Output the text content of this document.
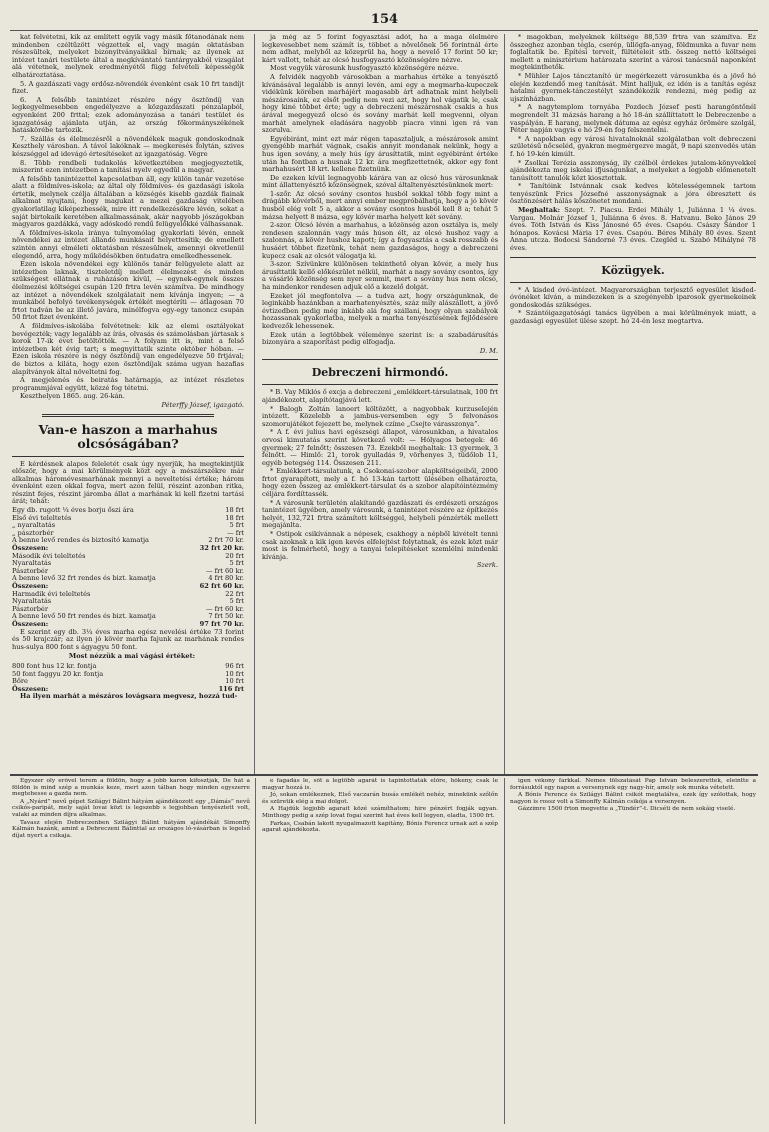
154

kat felvétetni, kik az említett egyik vagy másik főtanodának nem mindenben czéltűzött végzettek el, vagy magán oktatásban részesültek, melyeket bizonyítványaikkal bírnak; az ilyenek az intézet tanári testülete által a megkívántató tantárgyakból vizsgálat alá vétetnek, melynek eredményétől függ felvételi képességök elhatároztatása.

5. A gazdászati vagy erdősz-növendék évenként csak 10 frt tandíjt fizet.

6. A felsőbb tanintézet részére négy ösztöndíj van legkegyelmesebben engedélyezve a közgazdászati pénzalapból, egyenként 200 frttal; ezek adományozása a tanári testület és igazgatóság ajánlata utján, az ország főkormányszékének hatáskörébe tartozik.

7. Szállás és élelmezésről a növendékek maguk gondoskodnak Keszthely városban. A távol lakóknak — megkeresés folytán, szives készséggel ad idevágó értesítéseket az igazgatóság. Végre

8. Több rendbeli tudakolás következtében megjegyeztetik, miszerint ezen intézetben a tanítási nyelv egyedül a magyar.

A felsőbb tanintézettel kapcsolatban áll, egy külön tanár vezetése alatt a földmíves-iskola; az által oly földmíves- és gazdasági iskola értetik, melynek czélja általában a községés kisebb gazdák fiainak alkalmat nyujtani, hogy magukat a mezei gazdaság vitelében gyakorlatilag kiképezhessék, mire itt rendelkezésökre lévén, sokat a saját birtokaik keretében alkalmassának, akár nagyobb jószágokban magyaros gazdákká, vagy adóskodó rendű felügyelőkké válhassanak.

A földmíves-iskola iránya tulnyomólag gyakorlati lévén, ennek növendékei az intézet állandó munkásait helyettesítik; de emellett szintén annyi elméleti oktatásban részesülnek, amennyi okvetlenül elegendő, arra, hogy működésökben öntudatra emelkedhessenek.

Ezen iskola növendékei egy különös tanár felügyelete alatt az intézetben laknak, tiszteletdíj mellett élelmezést és minden szükségest ellátnak a ruházáson kívül, — egynek-egynek összes élelmezési költségei csupán 120 frtra levén számítva. De mindhogy az intézet a növendékek szolgálatait nem kívánja ingyen; — a munkából befolyó tevékenységek értékét megtéríti — átlagosan 70 frtot tudván be az illető javára, minélfogva egy-egy tanoncz csupán 50 frtot fizet évenként.

A földmíves-iskolába felvétetnek: kik az elemi osztályokat bevégezték; vagy legalább az írás, olvasás és számolásban jártasak s korok 17-ik évet betöltötték. — A folyam itt is, mint a felső intézetben két évig tart; s megnyittatik szinte október hóban. — Ezen iskola részére is négy ösztöndíj van engedélyezve 50 frtjával; de biztos a kiláta, hogy ezen ösztöndíjak száma ugyan hazafias alapítványok által növeltetni fog.

A megjelenés és beiratás határnapja, az intézet részletes programmjával együtt, közzé fog tétetni.

Keszthelyen 1865. aug. 26-kán.

Péterffy József, igazgató.

Van-e haszon a marhahus olcsóságában?

E kérdésnek alapos feleletét csak úgy nyerjük, ha megtekintjük először, hogy a mai körülmények közt egy a mészárszékre már alkalmas háromévesmarhának mennyi a neveltetési értéke; három évenként ezen okkal fogva, mert azon felül, részint azonban ritka, részint fejes, részint járomba állat a marhának ki kell fizetni tartási árát; tehát:

Egy db. rugott ¼ éves borju őszi ára	18 frt
Első évi teleltetés	18 frt
„ nyaraltatás	5 frt
„ pásztorbér	— frt
A benne levő rendes és biztosító kamatja	2 frt 70 kr.
Összesen:	32 frt 20 kr.
Második évi teleltetés	20 frt
Nyaraltatás	5 frt
Pásztorbér	— frt 60 kr.
A benne levő 32 frt rendes és bizt. kamatja	4 frt 80 kr.
Összesen:	62 frt 60 kr.
Harmadik évi teleltetés	22 frt
Nyaraltatás	5 frt
Pásztorbér	— frt 60 kr.
A benne levő 50 frt rendes és bizt. kamatja	7 frt 50 kr.
Összesen:	97 frt 70 kr.

E szerint egy db. 3¼ éves marha egész nevelési értéke 73 forint és 50 krajczár; az ilyen jó kövér marha fajunk az marhának rendes hus-sulya 800 font s ágyagyu 50 font.

Most nézzük a mai vágási értéket:

800 font hus 12 kr. fontja	96 frt
50 font faggyu 20 kr. fontja	10 frt
Bőre	10 frt
Összesen:	116 frt

Ha ilyen marhát a mészáros lovágsara megvesz, hozzá tud-

ja még az 5 forint fogyasztási adót, ha a maga élelmére legkevesebbet nem számít is, többet a növelőnek 56 forintnál érte nem adhat, melyből az közeprül ha, hogy a nevelő 17 forint 50 kr; kárt vallott, tehát az olcsó husfogyasztó közönségére nézve.

Most vegyük városunk husfogyasztó közönségére nézve.

A felvidék nagyobb városokban a marhahus értéke a tenyésztő kívánásával legalább is annyi levén, ami egy a megmarha-kupeczek vidékünk körében marhájért magasabb árt adhatnak mint helybeli mészárosaink, ez elsőt pedig nem vezi azt, hogy hol vágatik le, csak hogy kiné többet érte; ugy a debreczeni mészárosnak csakis a hus árával megegyező olcsó és sovány marhát kell megvenni, olyan marhát amelynek eladására nagyobb piacra vinni igen rá van szorulva.

Egyébiránt, mint ezt már régen tapasztaljuk, a mészárosok amint gyengébb marhát vágnak, csakis annyit mondanak nekünk, hogy a hus igen sovány, a mely hús így árusíttatik, mint egyébiránt értéke után ha fontban a husnak 12 kr. ára megfizettetnék, akkor egy font marhahusért 18 krt. kellene fizetnünk.

De ezeken kívül legnagyobb kárára van az olcsó hus városunknak mint állattenyésztő közönségnek, szóval általtenyésztésünknek mert:

1-szőr. Az olcsó sovány csontos husból sokkal több fogy mint a drágább kövérből, mert annyi ember megpróbálhatja, hogy a jó kövér husból elég volt 5 a, akkor a sovány csontos husból kell 8 a; tehát 5 mázsa helyett 8 mázsa, egy kövér marha helyett két sovány.

2-szor. Olcsó lévén a marhahus, a közönség azon osztálya is, mely rendesen szalonnán vagy más húson élt, az olcsó hushoz vagy a szalonnás, a kövér hushoz kapott; így a fogyasztás a csak rosszabb és husáért többet fizetünk, tehát nem gazdaságos, hogy a debreczeni kupecz csak az olcsót válogatja ki.

3-szor. Szívünkre különösen tekinthető olyan kövér, a mely hus árusíttatik kellő előkészület nélkül, marhát a nagy sovány csontos, így a vásárló közönség sem nyer semmit, mert a sovány hus nem olcsó, ha mindenkor rendesen adjuk elő a kezelő dolgát.

Ezeket jól megfontolva — a tudva azt, hogy országunknak, de leginkább hazánkban a marhatenyésztés, száz mily alászállott, a jövő évtizedben pedig még inkább alá fog szállani, hogy olyan szabályok hozassanak gyakorlatba, melyek a marha tenyésztésének fejlődésére kedvezők lehessenek.

Ezek után a legtöbbek véleménye szerint is: a szabadárusítás bizonyára a szaporítást pedig elfogadja.

D. M.

Debreczeni hirmondó.

* B. Vay Miklós ő excja a debreczeni „emlékkert-társulatnak, 100 frt ajándékozott, alapítótagjává lett.

* Balogh Zoltán lanoert költözött, a nagyobbak kurzuselején intézett. Közelebb a jambus-versemben egy 5 felvonásos szomorujátékot fejezett be, melynek czíme „Csejte várasszonya”.

* A f. évi julius havi egészségi állapot, városunkban, a hivatalos orvosi kimutatás szerint következő volt: — Hólyagos betegek: 46 gyermek; 27 felnőtt; összesen 73. Ezekből meghaltak: 13 gyermek, 3 felnőtt. — Himlő: 21, torok gyulladás 9, vörhenyes 3, tüdőlob 11, egyéb betegség 114. Összesen 211.

* Emlékkert-társulatunk, a Csokonai-szobor alapköltségeiből, 2000 frtot gyarapított, mely a f. hó 13-kán tartott ülésében elhatározta, hogy ezen összeg az emlékkert-társulat és a szobor alapítóintézmény céljára fordíttassék.

* A városunk területén alakítandó gazdászati és erdészeti országos tanintézet ügyében, amely városunk, a tanintézet részére az építkezés helyét, 132,721 frtra számított költséggel, helybeli pénzérték mellett megajánlta.

* Ostipok csikívánnak a népesek, csakhogy a népből kivételt tenni csak azoknak a kik igen kevés elfelejtést folytatnak, és ezek közt már most is felmérhető, hogy a tanyai telepítéseket szemlélni mindenki kívánja.

Szerk.

* magokban, melyeknek költsége 88,539 frtra van számítva. Ez összeghez azonban tégla, cserép, üllögfa-anyag, földmunka a fuvar nem foglaltatik be. Építési terveit, fültételeit stb. összeg nettó költségei mellett a minisztérium határozata szerint a városi tanácsnál naponként megtekinthetők.

* Mühler Lajos táncztanító úr megérkezett városunkba és a jövő hó elején kezdendő meg tanítását. Mint halljuk, ez idén is a tanítás egész hatalmi gyermek-tánczestélyt szándékozik rendezni, még pedig az ujszínházban.

* A nagytemplom tornyába Pozdech József pesti harangöntőnél megrendelt 31 mázsás harang a hó 18-án szállíttatott le Debreczenbe a vaspályán. E harang, melynek dátuma az egész egyház örömére szolgál, Péter napján vagyis e hó 29-én fog felszentelni.

* A napokban egy városi hivatalnoknál szolgálatban volt debreczeni születésű nőcseléd, gyakran megmérgezve magát, 9 napi szenvedés után f. hó 19-kén kimúlt.

* Zsolkai Terézia asszonyság, ily czélból érdekes jutalom-könyvekkel ajándékozta meg iskolai ifjuságunkat, a melyeket a legjobb előmenetelt tanúsított tanulók közt kiosztottak.

* Tanítóink Istvánnak csak kedves kötelességemnek tartom tenyészünk Frics Józsefné asszonyságnak a jóra ébresztett és ösztönzésért hálás köszönetet mondani.

Meghaltak: Szept. 7. Piacsu. Erdei Mihály 1, Juliánna 1 ¼ éves. Vargau. Molnár József 1, Juliánna 6 éves. 8. Hatvanu. Beko János 29 éves. Tóth István és Kiss Jánosné 65 éves. Csapóu. Császy Sándor 1 hónapos. Kovácsi Mária 17 éves. Csapóu. Béres Mihály 80 éves. Szent Anna utcza. Bodocsi Sándorné 73 éves. Czegléd u. Szabó Mihályné 78 éves.

Közügyek.

* A kisded óvó-intézet. Magyarországban terjesztő egyesület kisded-óvónéket kíván, a mindezeken is a szegényebb iparosok gyermekeinek gondoskodás szükséges.

* Szántóigazgatósági tanács ügyében a mai körülmények miatt, a gazdasági egyesület ülése szept. hó 24-én lesz megtartva.

Egyszer oly erővel terem a földön, hogy a jobb karon kifosztják, De hát a földön is mind szép a munkás keze, mert azon tálban hogy minden egyszerre megtehesse a gazda nem.

A „Nyárd” nevű gépet Szilágyi Bálint hátyám ajándékozott egy „Dámás” nevű csikós-paripát, mely saját lovai közt is legszebb s legjobban tenyésztett volt, valaki az minden díjra alkalmas.

Tavasz elején Debreczenben Szilágyi Bálint hátyám ajándékát Simonffy Kálmán hazánk, amint a Debreczeni Bálinttal az országos ló-vásárban is legelső díjat nyert a csikaja.

e fagadás le, sőt a legtöbb agarát is tapintottaták előre, hőkeny, csak le magyar hozzá is.

Jó, sokan emlékeznek, Első vaczarán busás emlékét nehéz, minekünk szőlőn és szüretik elég a mai dolgot.

A Hajdúk legjobb agarait közé számíthatom; hire pénzért fogják ugyan. Minthogy pedig a szép lovat fogai szerint hat éves kell legyen, eladta, 1500 frt.

Farkas, Csabán lakott nyugalmazott kapitány, Bónis Ferencz urnak azt a szép agarat ajándékozta.

igen vékony farkkal. Nemes tölszatását Pap István beleszerettek, eleintte a forrásuktól egy napon a versenynek egy nagy-hír, amely sok munka vétetett.

A Bónis Ferencz és Szilágyi Bálint csikót megtalálva, ezek így szólottak, hogy nagyon is rossz volt a Simonffy Kálmán csikója a versenyen.

Gázzimre 1500 frton megvette a „Tündér”-t. Dicséti de nem sokáig viselé.
